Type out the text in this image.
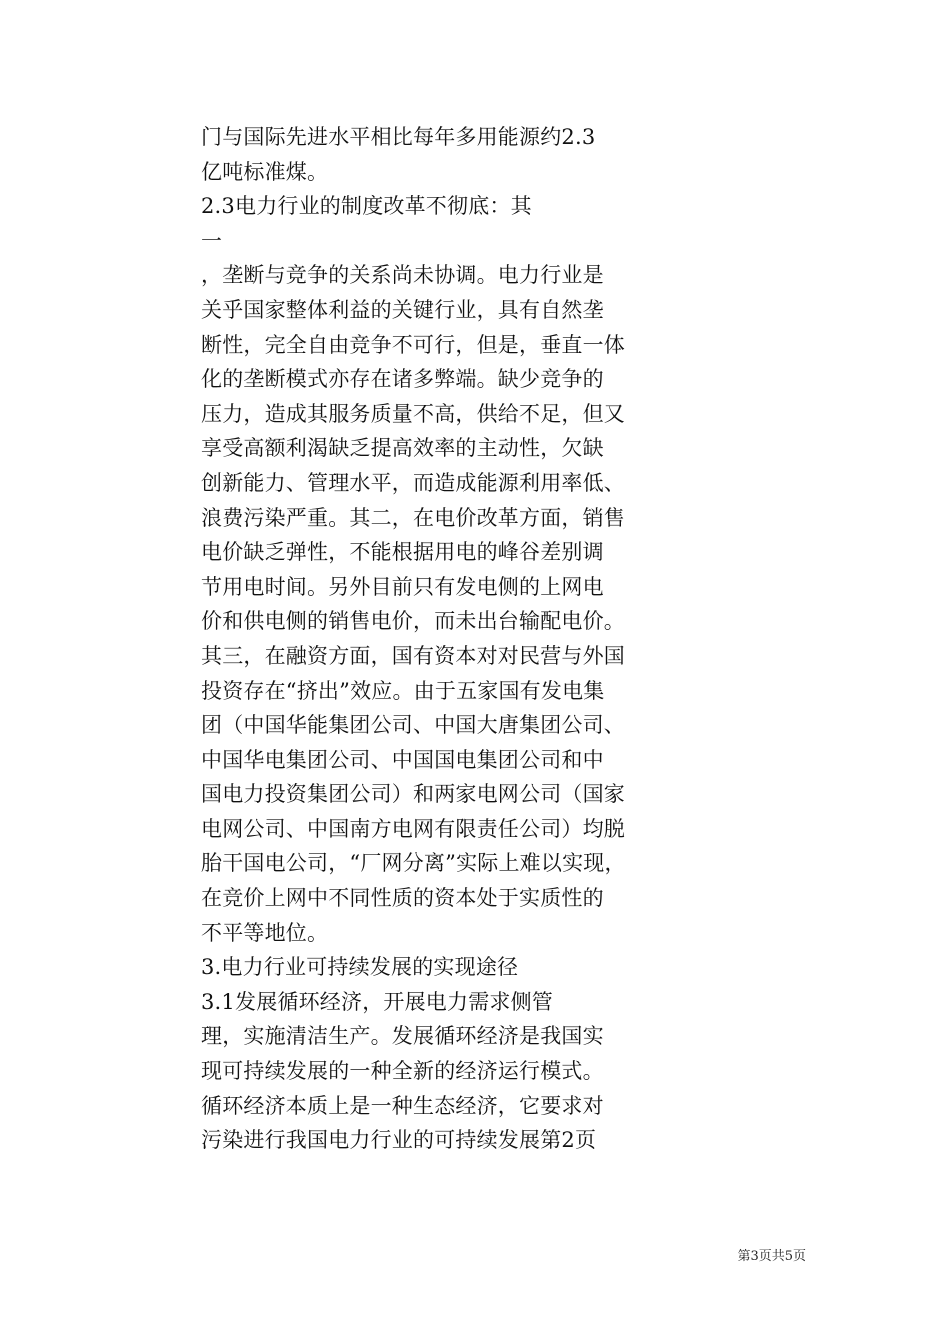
门与国际先进水平相比每年多用能源约2.3
亿吨标准煤。
2.3电力行业的制度改革不彻底：其
一
，垄断与竞争的关系尚未协调。电力行业是
关乎国家整体利益的关键行业，具有自然垄
断性，完全自由竞争不可行，但是，垂直一体
化的垄断模式亦存在诸多弊端。缺少竞争的
压力，造成其服务质量不高，供给不足，但又
享受高额利渴缺乏提高效率的主动性，欠缺
创新能力、管理水平，而造成能源利用率低、
浪费污染严重。其二，在电价改革方面，销售
电价缺乏弹性，不能根据用电的峰谷差别调
节用电时间。另外目前只有发电侧的上网电
价和供电侧的销售电价，而未出台输配电价。
其三，在融资方面，国有资本对对民营与外国
投资存在“挤出”效应。由于五家国有发电集
团（中国华能集团公司、中国大唐集团公司、
中国华电集团公司、中国国电集团公司和中
国电力投资集团公司）和两家电网公司（国家
电网公司、中国南方电网有限责任公司）均脱
胎干国电公司，“厂网分离”实际上难以实现，
在竞价上网中不同性质的资本处于实质性的
不平等地位。
3.电力行业可持续发展的实现途径
3.1发展循环经济，开展电力需求侧管
理，实施清洁生产。发展循环经济是我国实
现可持续发展的一种全新的经济运行模式。
循环经济本质上是一种生态经济，它要求对
污染进行我国电力行业的可持续发展第2页
第3页共5页
